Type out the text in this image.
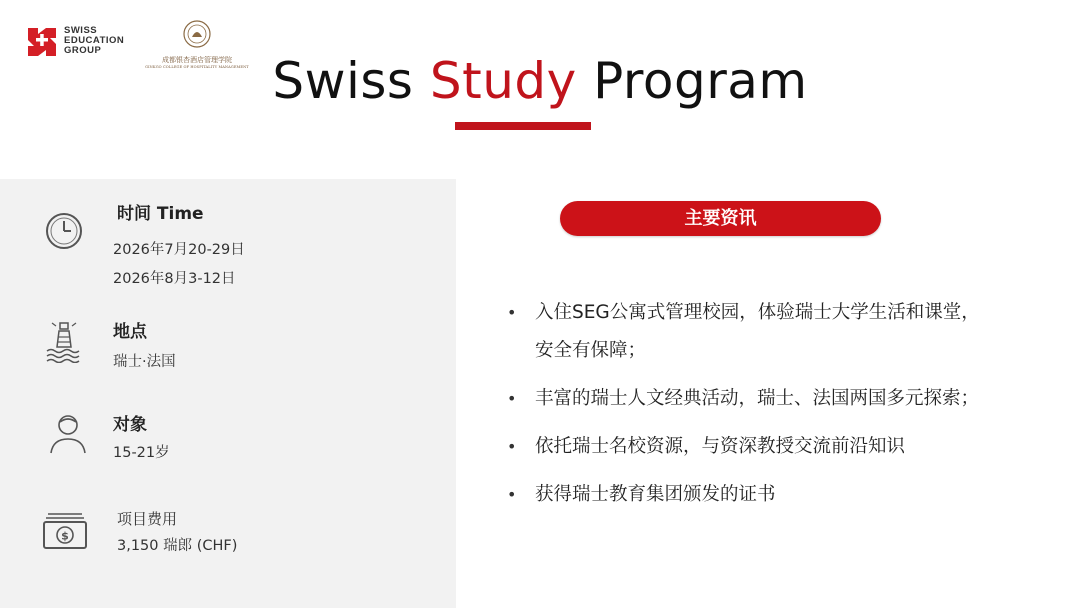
SWISS
EDUCATION
GROUP
成都银杏酒店管理学院
GINKGO COLLEGE OF HOSPITALITY MANAGEMENT Swiss Study Program
时间 Time
2026年7月20-29日
2026年8月3-12日
地点
瑞士·法国
对象
15-21岁
$
项目费用
3,150 瑞郎 (CHF)
主要资讯
• 入住SEG公寓式管理校园，体验瑞士大学生活和课堂，
安全有保障；
• 丰富的瑞士人文经典活动，瑞士、法国两国多元探索；
• 依托瑞士名校资源，与资深教授交流前沿知识
• 获得瑞士教育集团颁发的证书
